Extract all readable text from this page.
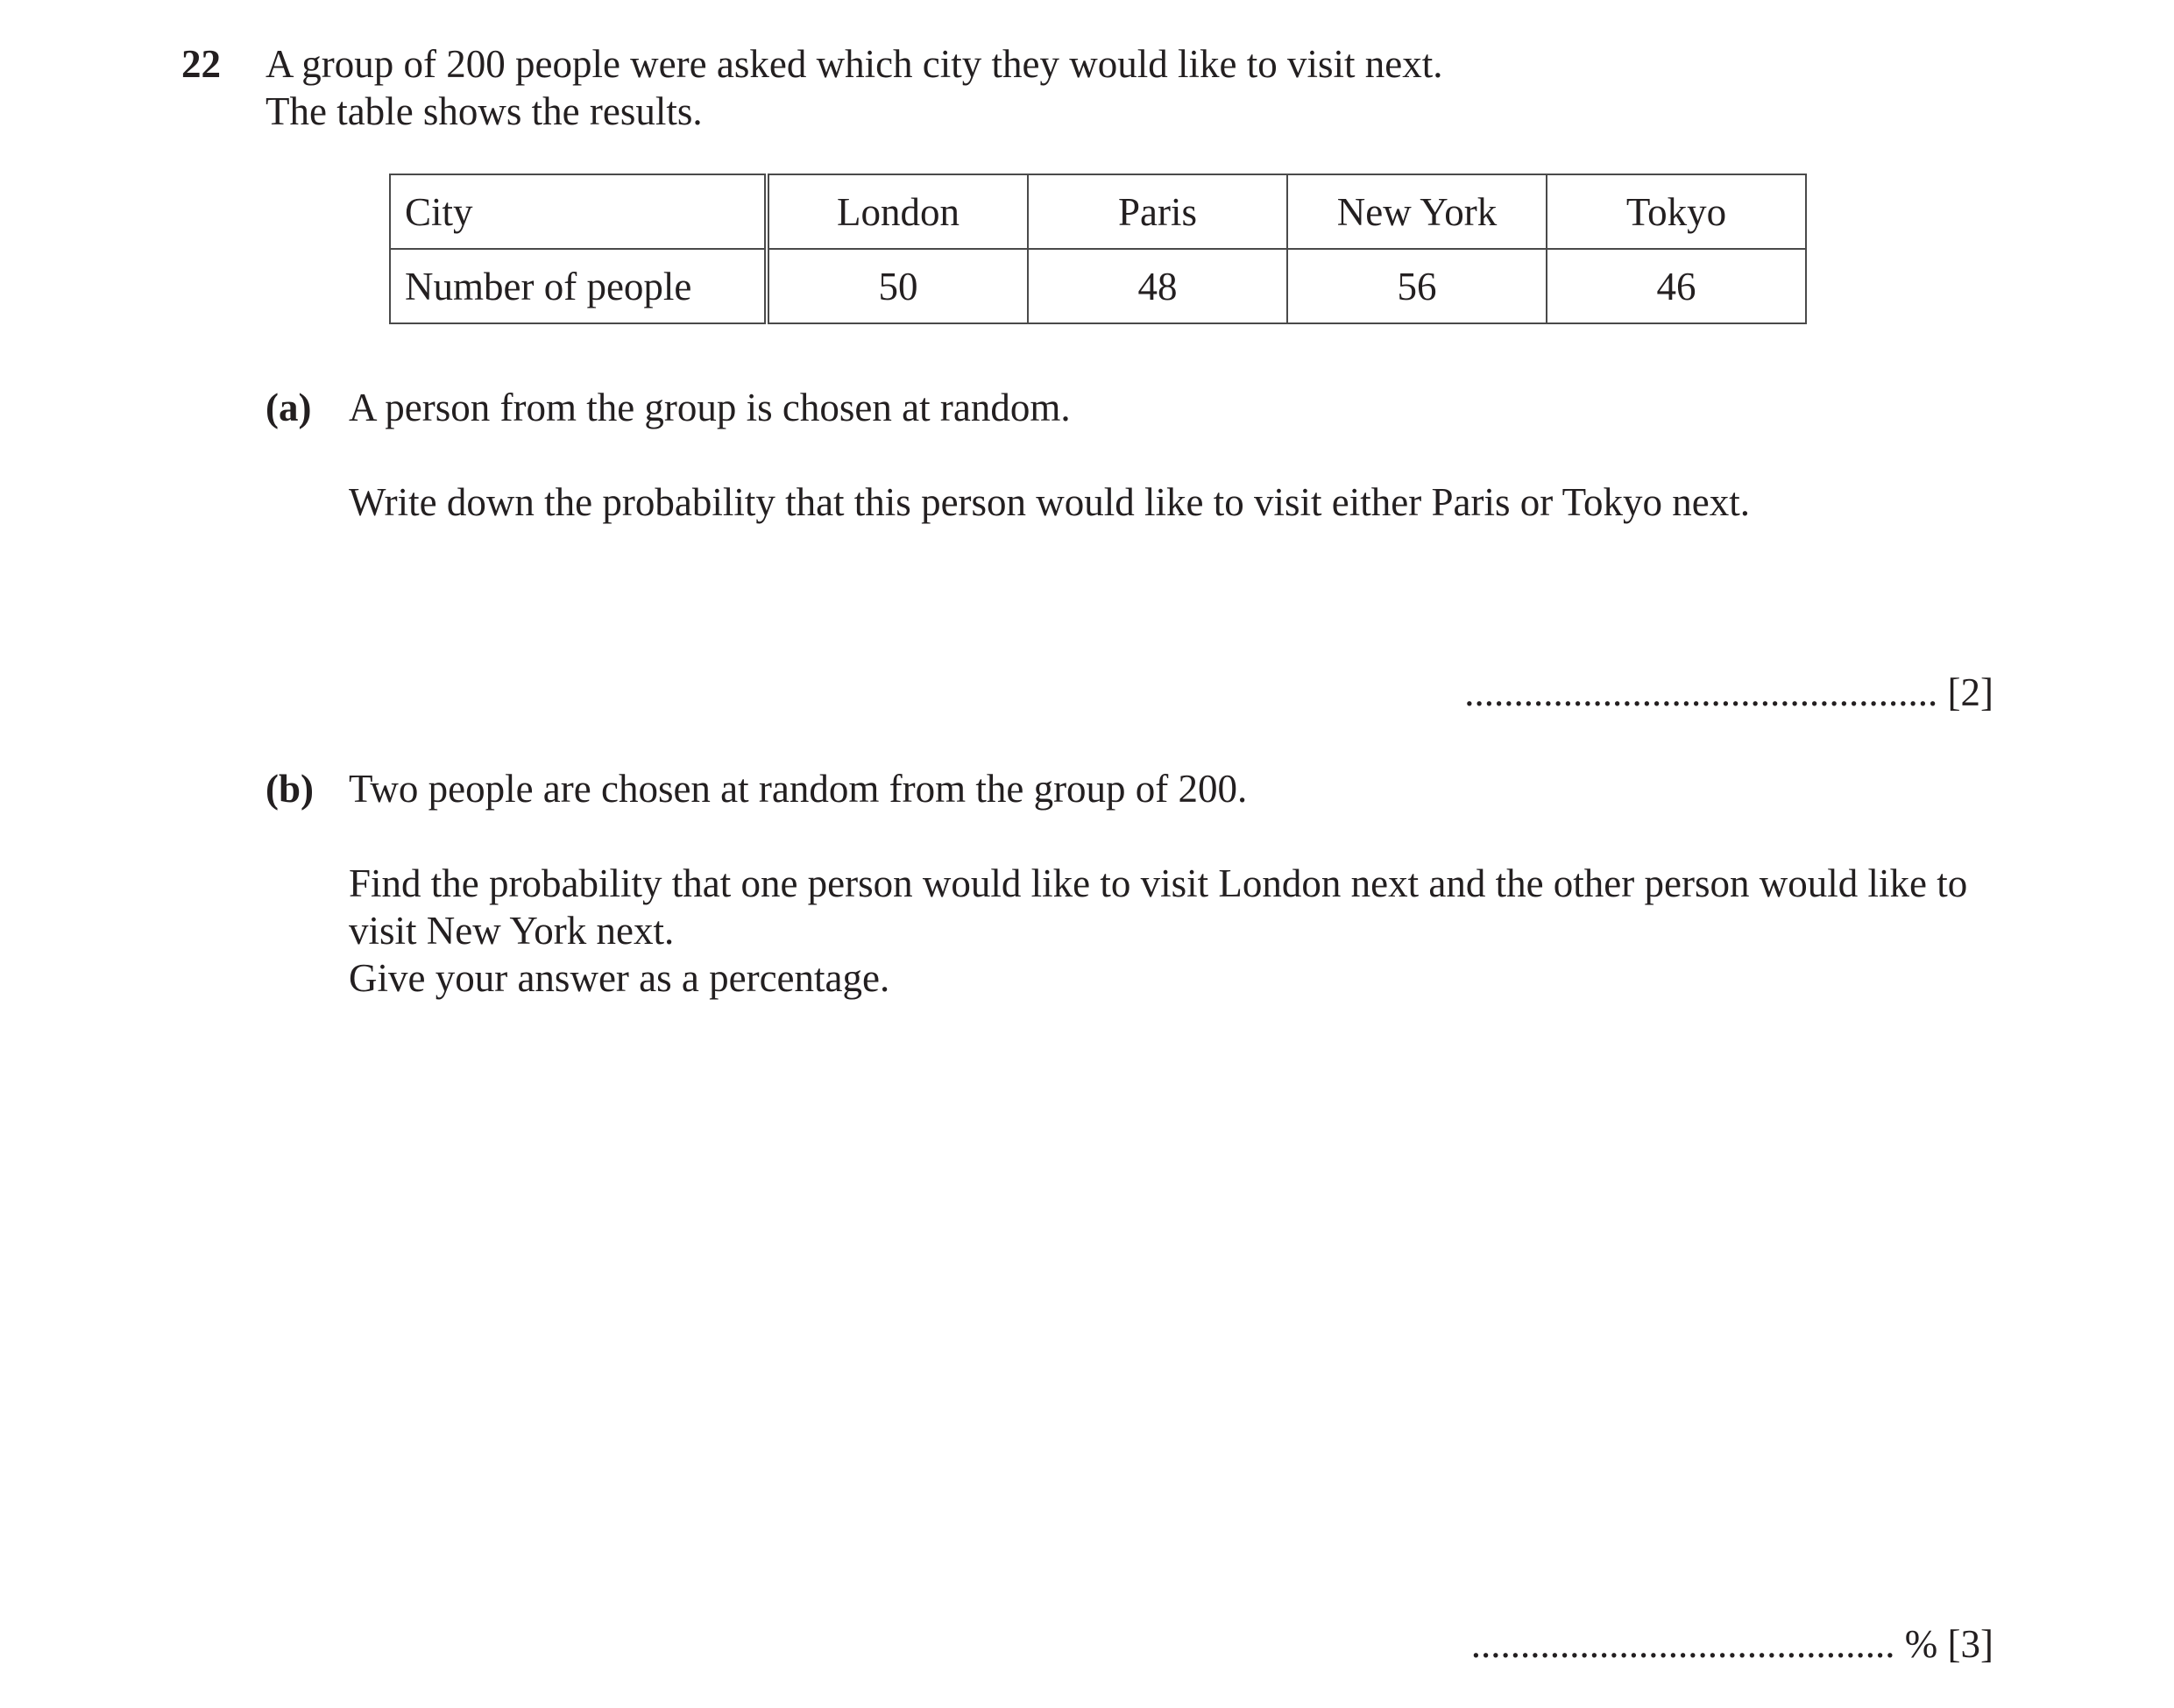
22 A group of 200 people were asked which city they would like to visit next.
The table shows the results.
City	London	Paris	New York	Tokyo
Number of people	50	48	56	46
(a) A person from the group is chosen at random.
Write down the probability that this person would like to visit either Paris or Tokyo next.
................................................ [2]
(b) Two people are chosen at random from the group of 200.
Find the probability that one person would like to visit London next and the other person would like to
visit New York next.
Give your answer as a percentage.
........................................... % [3]
